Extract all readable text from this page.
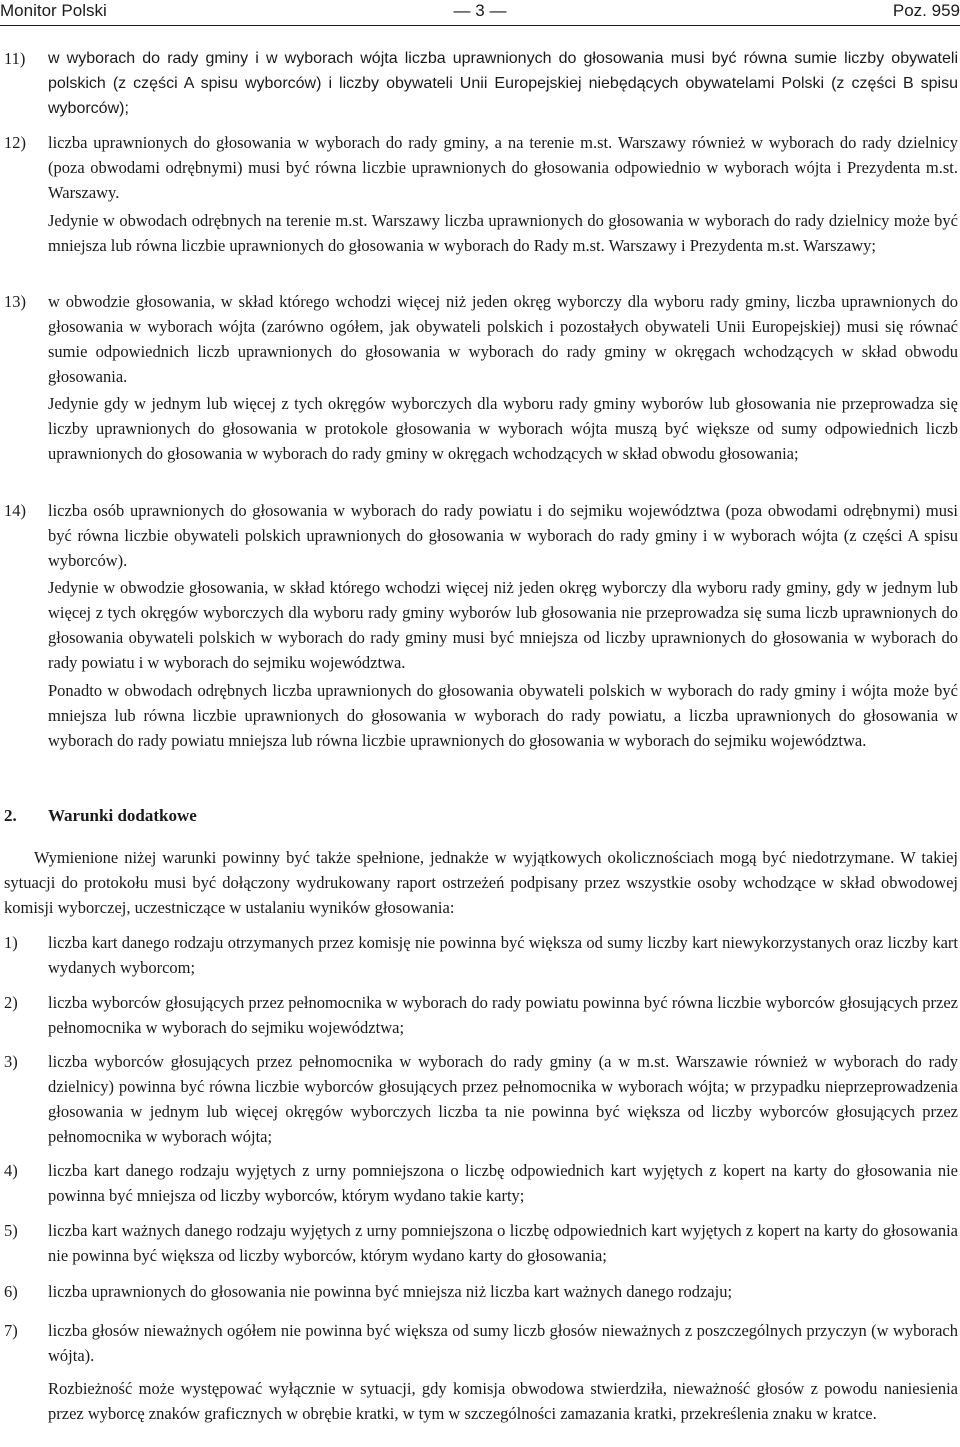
Monitor Polski	— 3 —	Poz. 959

11) w wyborach do rady gminy i w wyborach wójta liczba uprawnionych do głosowania musi być równa sumie liczby obywateli polskich (z części A spisu wyborców) i liczby obywateli Unii Europejskiej niebędących obywatelami Polski (z części B spisu wyborców);

12) liczba uprawnionych do głosowania w wyborach do rady gminy, a na terenie m.st. Warszawy również w wyborach do rady dzielnicy (poza obwodami odrębnymi) musi być równa liczbie uprawnionych do głosowania odpowiednio w wyborach wójta i Prezydenta m.st. Warszawy.

Jedynie w obwodach odrębnych na terenie m.st. Warszawy liczba uprawnionych do głosowania w wyborach do rady dzielnicy może być mniejsza lub równa liczbie uprawnionych do głosowania w wyborach do Rady m.st. Warszawy i Prezydenta m.st. Warszawy;

13) w obwodzie głosowania, w skład którego wchodzi więcej niż jeden okręg wyborczy dla wyboru rady gminy, liczba uprawnionych do głosowania w wyborach wójta (zarówno ogółem, jak obywateli polskich i pozostałych obywateli Unii Europejskiej) musi się równać sumie odpowiednich liczb uprawnionych do głosowania w wyborach do rady gminy w okręgach wchodzących w skład obwodu głosowania.

Jedynie gdy w jednym lub więcej z tych okręgów wyborczych dla wyboru rady gminy wyborów lub głosowania nie przeprowadza się liczby uprawnionych do głosowania w protokole głosowania w wyborach wójta muszą być większe od sumy odpowiednich liczb uprawnionych do głosowania w wyborach do rady gminy w okręgach wchodzących w skład obwodu głosowania;

14) liczba osób uprawnionych do głosowania w wyborach do rady powiatu i do sejmiku województwa (poza obwodami odrębnymi) musi być równa liczbie obywateli polskich uprawnionych do głosowania w wyborach do rady gminy i w wyborach wójta (z części A spisu wyborców).

Jedynie w obwodzie głosowania, w skład którego wchodzi więcej niż jeden okręg wyborczy dla wyboru rady gminy, gdy w jednym lub więcej z tych okręgów wyborczych dla wyboru rady gminy wyborów lub głosowania nie przeprowadza się suma liczb uprawnionych do głosowania obywateli polskich w wyborach do rady gminy musi być mniejsza od liczby uprawnionych do głosowania w wyborach do rady powiatu i w wyborach do sejmiku województwa.

Ponadto w obwodach odrębnych liczba uprawnionych do głosowania obywateli polskich w wyborach do rady gminy i wójta może być mniejsza lub równa liczbie uprawnionych do głosowania w wyborach do rady powiatu, a liczba uprawnionych do głosowania w wyborach do rady powiatu mniejsza lub równa liczbie uprawnionych do głosowania w wyborach do sejmiku województwa.

2. Warunki dodatkowe

Wymienione niżej warunki powinny być także spełnione, jednakże w wyjątkowych okolicznościach mogą być niedotrzymane. W takiej sytuacji do protokołu musi być dołączony wydrukowany raport ostrzeżeń podpisany przez wszystkie osoby wchodzące w skład obwodowej komisji wyborczej, uczestniczące w ustalaniu wyników głosowania:

1) liczba kart danego rodzaju otrzymanych przez komisję nie powinna być większa od sumy liczby kart niewykorzystanych oraz liczby kart wydanych wyborcom;

2) liczba wyborców głosujących przez pełnomocnika w wyborach do rady powiatu powinna być równa liczbie wyborców głosujących przez pełnomocnika w wyborach do sejmiku województwa;

3) liczba wyborców głosujących przez pełnomocnika w wyborach do rady gminy (a w m.st. Warszawie również w wyborach do rady dzielnicy) powinna być równa liczbie wyborców głosujących przez pełnomocnika w wyborach wójta; w przypadku nieprzeprowadzenia głosowania w jednym lub więcej okręgów wyborczych liczba ta nie powinna być większa od liczby wyborców głosujących przez pełnomocnika w wyborach wójta;

4) liczba kart danego rodzaju wyjętych z urny pomniejszona o liczbę odpowiednich kart wyjętych z kopert na karty do głosowania nie powinna być mniejsza od liczby wyborców, którym wydano takie karty;

5) liczba kart ważnych danego rodzaju wyjętych z urny pomniejszona o liczbę odpowiednich kart wyjętych z kopert na karty do głosowania nie powinna być większa od liczby wyborców, którym wydano karty do głosowania;

6) liczba uprawnionych do głosowania nie powinna być mniejsza niż liczba kart ważnych danego rodzaju;

7) liczba głosów nieważnych ogółem nie powinna być większa od sumy liczb głosów nieważnych z poszczególnych przyczyn (w wyborach wójta).

Rozbieżność może występować wyłącznie w sytuacji, gdy komisja obwodowa stwierdziła, nieważność głosów z powodu naniesienia przez wyborcę znaków graficznych w obrębie kratki, w tym w szczególności zamazania kratki, przekreślenia znaku w kratce.
